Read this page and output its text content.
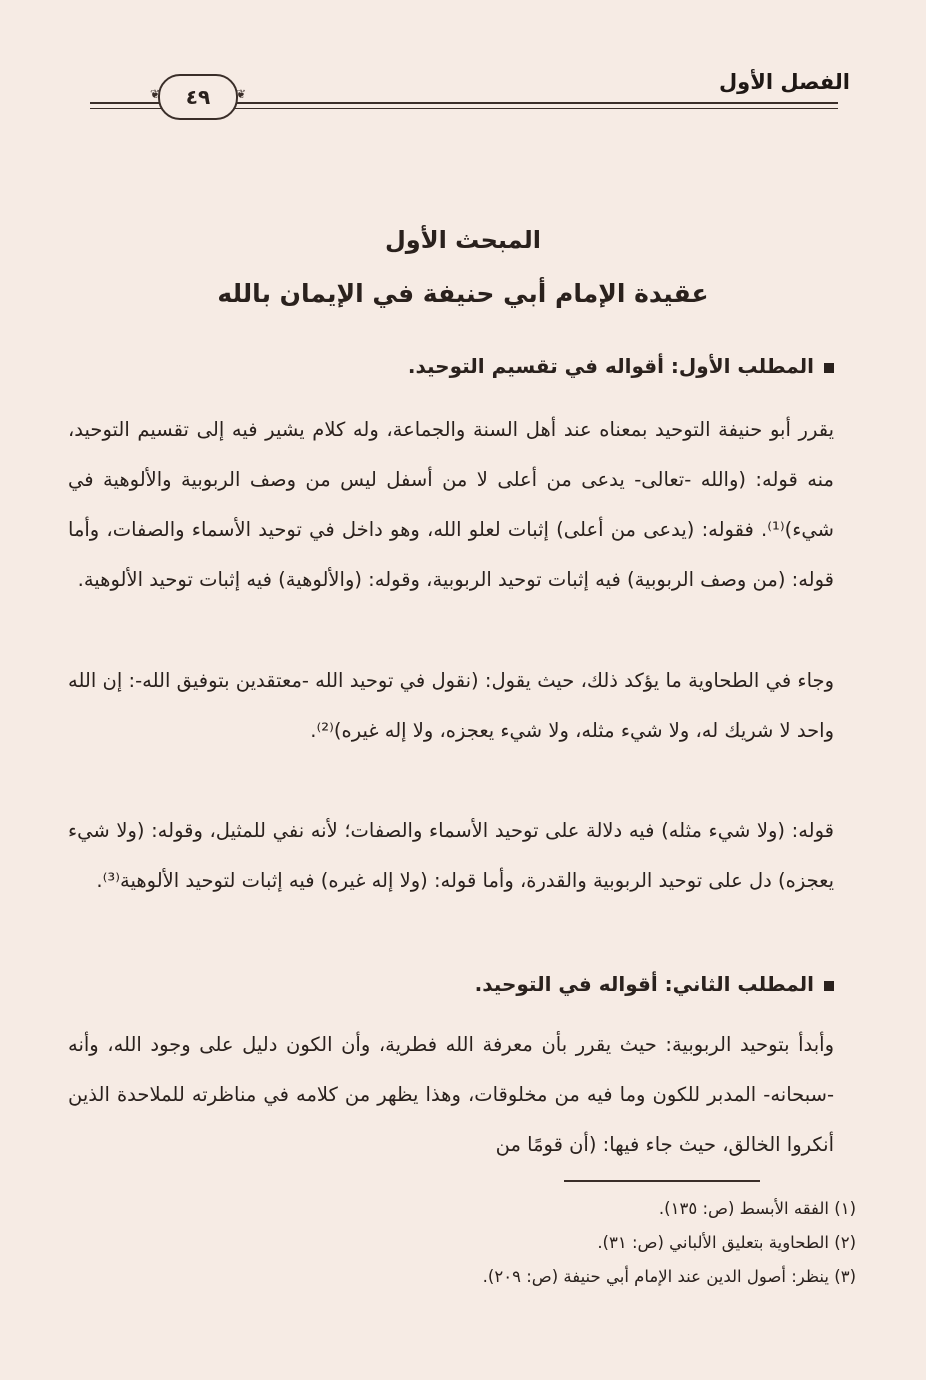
الفصل الأول
❦ ٤٩ ❦
المبحث الأول
عقيدة الإمام أبي حنيفة في الإيمان بالله
المطلب الأول: أقواله في تقسيم التوحيد.
يقرر أبو حنيفة التوحيد بمعناه عند أهل السنة والجماعة، وله كلام يشير فيه إلى تقسيم التوحيد، منه قوله: (والله -تعالى- يدعى من أعلى لا من أسفل ليس من وصف الربوبية والألوهية في شيء)⁽¹⁾. فقوله: (يدعى من أعلى) إثبات لعلو الله، وهو داخل في توحيد الأسماء والصفات، وأما قوله: (من وصف الربوبية) فيه إثبات توحيد الربوبية، وقوله: (والألوهية) فيه إثبات توحيد الألوهية.
وجاء في الطحاوية ما يؤكد ذلك، حيث يقول: (نقول في توحيد الله -معتقدين بتوفيق الله-: إن الله واحد لا شريك له، ولا شيء مثله، ولا شيء يعجزه، ولا إله غيره)⁽²⁾.
قوله: (ولا شيء مثله) فيه دلالة على توحيد الأسماء والصفات؛ لأنه نفي للمثيل، وقوله: (ولا شيء يعجزه) دل على توحيد الربوبية والقدرة، وأما قوله: (ولا إله غيره) فيه إثبات لتوحيد الألوهية⁽³⁾.
المطلب الثاني: أقواله في التوحيد.
وأبدأ بتوحيد الربوبية: حيث يقرر بأن معرفة الله فطرية، وأن الكون دليل على وجود الله، وأنه -سبحانه- المدبر للكون وما فيه من مخلوقات، وهذا يظهر من كلامه في مناظرته للملاحدة الذين أنكروا الخالق، حيث جاء فيها: (أن قومًا من
(١) الفقه الأبسط (ص: ١٣٥).
(٢) الطحاوية بتعليق الألباني (ص: ٣١).
(٣) ينظر: أصول الدين عند الإمام أبي حنيفة (ص: ٢٠٩).
